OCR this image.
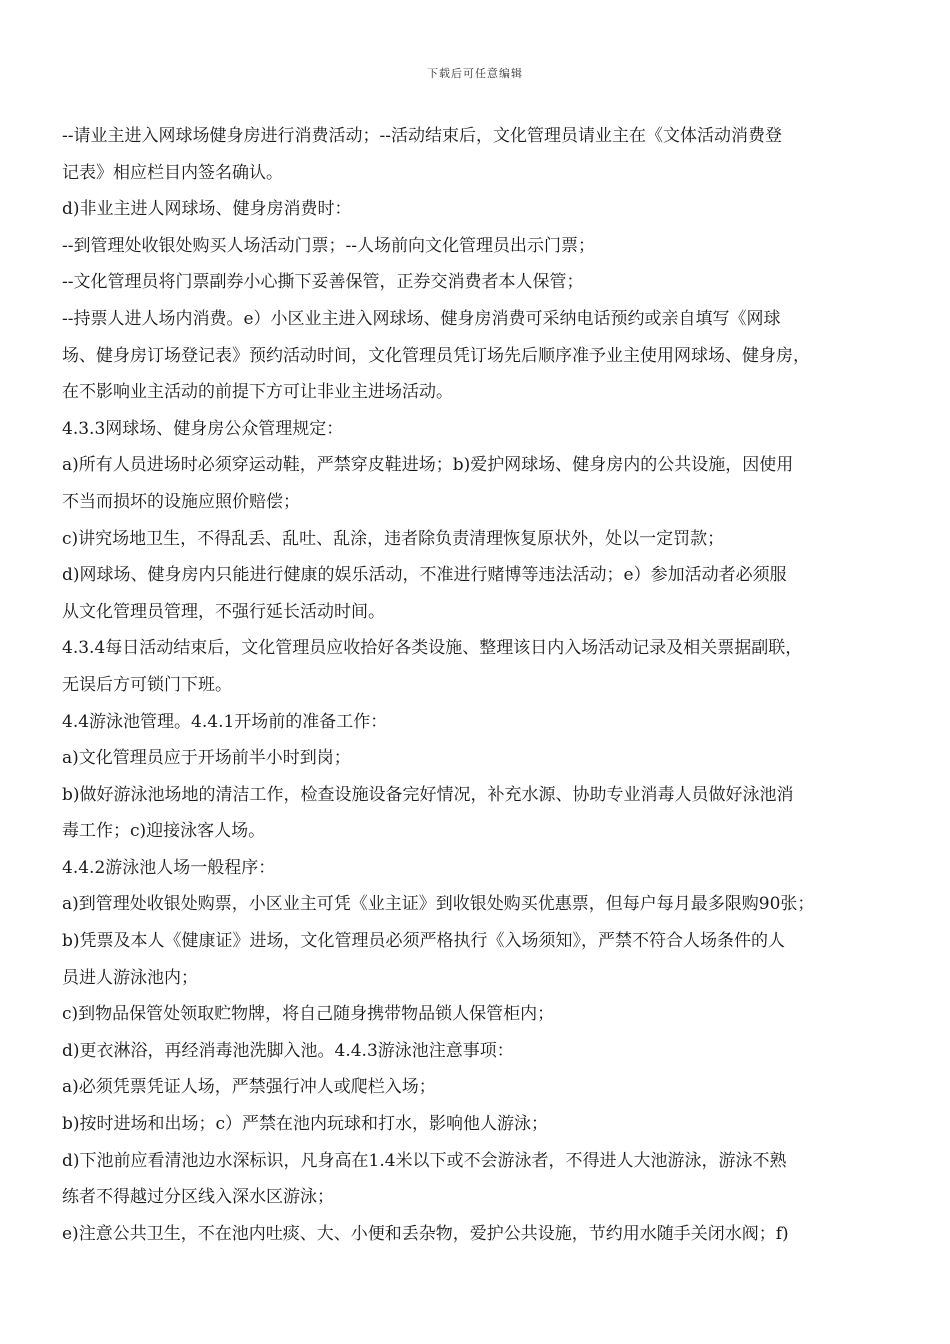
下载后可任意编辑
--请业主进入网球场健身房进行消费活动；--活动结束后，文化管理员请业主在《文体活动消费登
记表》相应栏目内签名确认。
d)非业主进人网球场、健身房消费时：
--到管理处收银处购买人场活动门票；--人场前向文化管理员出示门票；
--文化管理员将门票副券小心撕下妥善保管，正券交消费者本人保管；
--持票人进人场内消费。e）小区业主进入网球场、健身房消费可采纳电话预约或亲自填写《网球
场、健身房订场登记表》预约活动时间，文化管理员凭订场先后顺序准予业主使用网球场、健身房，
在不影响业主活动的前提下方可让非业主进场活动。
4.3.3网球场、健身房公众管理规定：
a)所有人员进场时必须穿运动鞋，严禁穿皮鞋进场；b)爱护网球场、健身房内的公共设施，因使用
不当而损坏的设施应照价赔偿；
c)讲究场地卫生，不得乱丢、乱吐、乱涂，违者除负责清理恢复原状外，处以一定罚款；
d)网球场、健身房内只能进行健康的娱乐活动，不准进行赌博等违法活动；e）参加活动者必须服
从文化管理员管理，不强行延长活动时间。
4.3.4每日活动结束后，文化管理员应收拾好各类设施、整理该日内入场活动记录及相关票据副联，
无误后方可锁门下班。
4.4游泳池管理。4.4.1开场前的准备工作：
a)文化管理员应于开场前半小时到岗；
b)做好游泳池场地的清洁工作，检查设施设备完好情况，补充水源、协助专业消毒人员做好泳池消
毒工作；c)迎接泳客人场。
4.4.2游泳池人场一般程序：
a)到管理处收银处购票，小区业主可凭《业主证》到收银处购买优惠票，但每户每月最多限购90张；
b)凭票及本人《健康证》进场，文化管理员必须严格执行《入场须知》，严禁不符合人场条件的人
员进人游泳池内；
c)到物品保管处领取贮物牌，将自己随身携带物品锁人保管柜内；
d)更衣淋浴，再经消毒池洗脚入池。4.4.3游泳池注意事项：
a)必须凭票凭证人场，严禁强行冲人或爬栏入场；
b)按时进场和出场；c）严禁在池内玩球和打水，影响他人游泳；
d)下池前应看清池边水深标识，凡身高在1.4米以下或不会游泳者，不得进人大池游泳，游泳不熟
练者不得越过分区线入深水区游泳；
e)注意公共卫生，不在池内吐痰、大、小便和丢杂物，爱护公共设施，节约用水随手关闭水阀；f)
